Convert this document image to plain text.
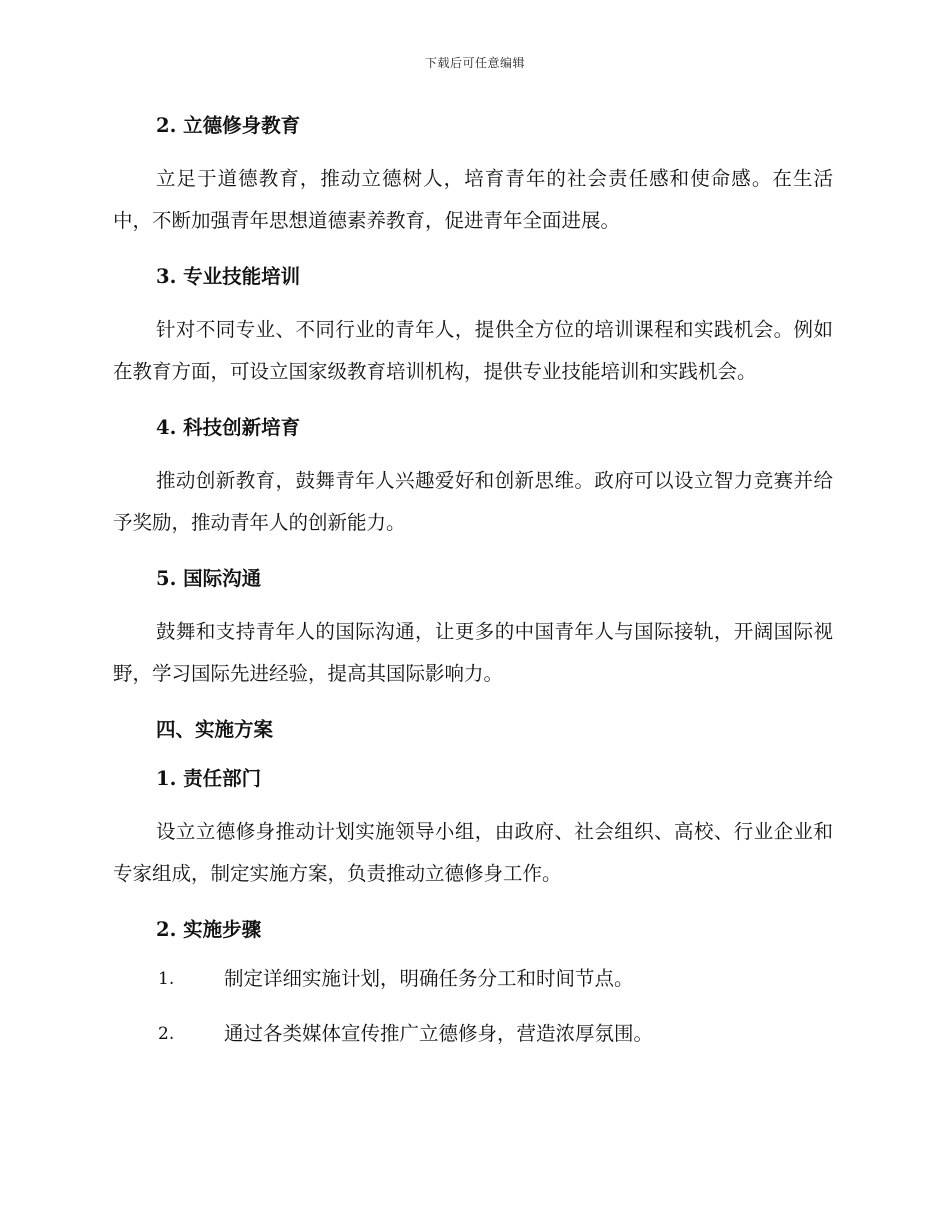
下载后可任意编辑
2. 立德修身教育

立足于道德教育，推动立德树人，培育青年的社会责任感和使命感。在生活中，不断加强青年思想道德素养教育，促进青年全面进展。

3. 专业技能培训

针对不同专业、不同行业的青年人，提供全方位的培训课程和实践机会。例如在教育方面，可设立国家级教育培训机构，提供专业技能培训和实践机会。

4. 科技创新培育

推动创新教育，鼓舞青年人兴趣爱好和创新思维。政府可以设立智力竞赛并给予奖励，推动青年人的创新能力。

5. 国际沟通

鼓舞和支持青年人的国际沟通，让更多的中国青年人与国际接轨，开阔国际视野，学习国际先进经验，提高其国际影响力。

四、实施方案
1. 责任部门

设立立德修身推动计划实施领导小组，由政府、社会组织、高校、行业企业和专家组成，制定实施方案，负责推动立德修身工作。

2. 实施步骤
1.	制定详细实施计划，明确任务分工和时间节点。
2.	通过各类媒体宣传推广立德修身，营造浓厚氛围。
